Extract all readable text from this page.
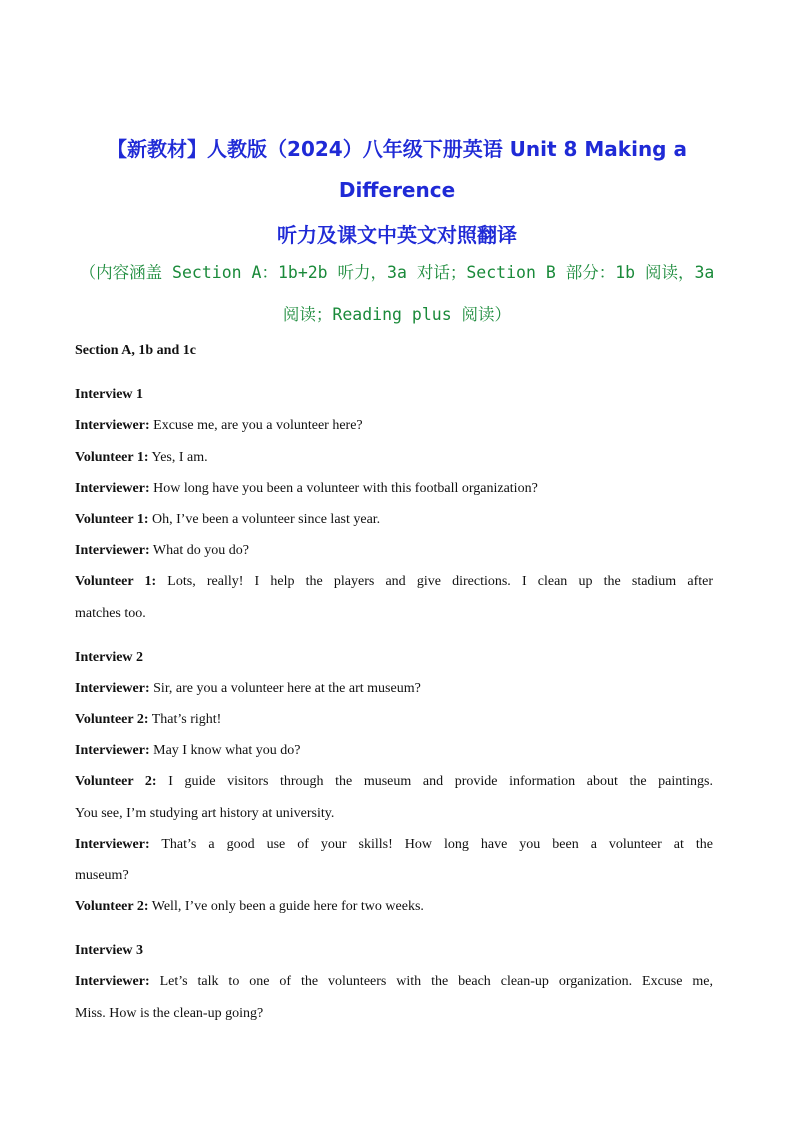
【新教材】人教版（2024）八年级下册英语 Unit 8 Making a
Difference
听力及课文中英文对照翻译
（内容涵盖 Section A：1b+2b 听力，3a 对话；Section B 部分：1b 阅读，3a
阅读；Reading plus 阅读）
Section A, 1b and 1c
Interview 1
Interviewer: Excuse me, are you a volunteer here?
Volunteer 1: Yes, I am.
Interviewer: How long have you been a volunteer with this football organization?
Volunteer 1: Oh, I’ve been a volunteer since last year.
Interviewer: What do you do?
Volunteer 1: Lots, really! I help the players and give directions. I clean up the stadium after
matches too.
Interview 2
Interviewer: Sir, are you a volunteer here at the art museum?
Volunteer 2: That’s right!
Interviewer: May I know what you do?
Volunteer 2: I guide visitors through the museum and provide information about the paintings.
You see, I’m studying art history at university.
Interviewer: That’s a good use of your skills! How long have you been a volunteer at the
museum?
Volunteer 2: Well, I’ve only been a guide here for two weeks.
Interview 3
Interviewer: Let’s talk to one of the volunteers with the beach clean-up organization. Excuse me,
Miss. How is the clean-up going?
